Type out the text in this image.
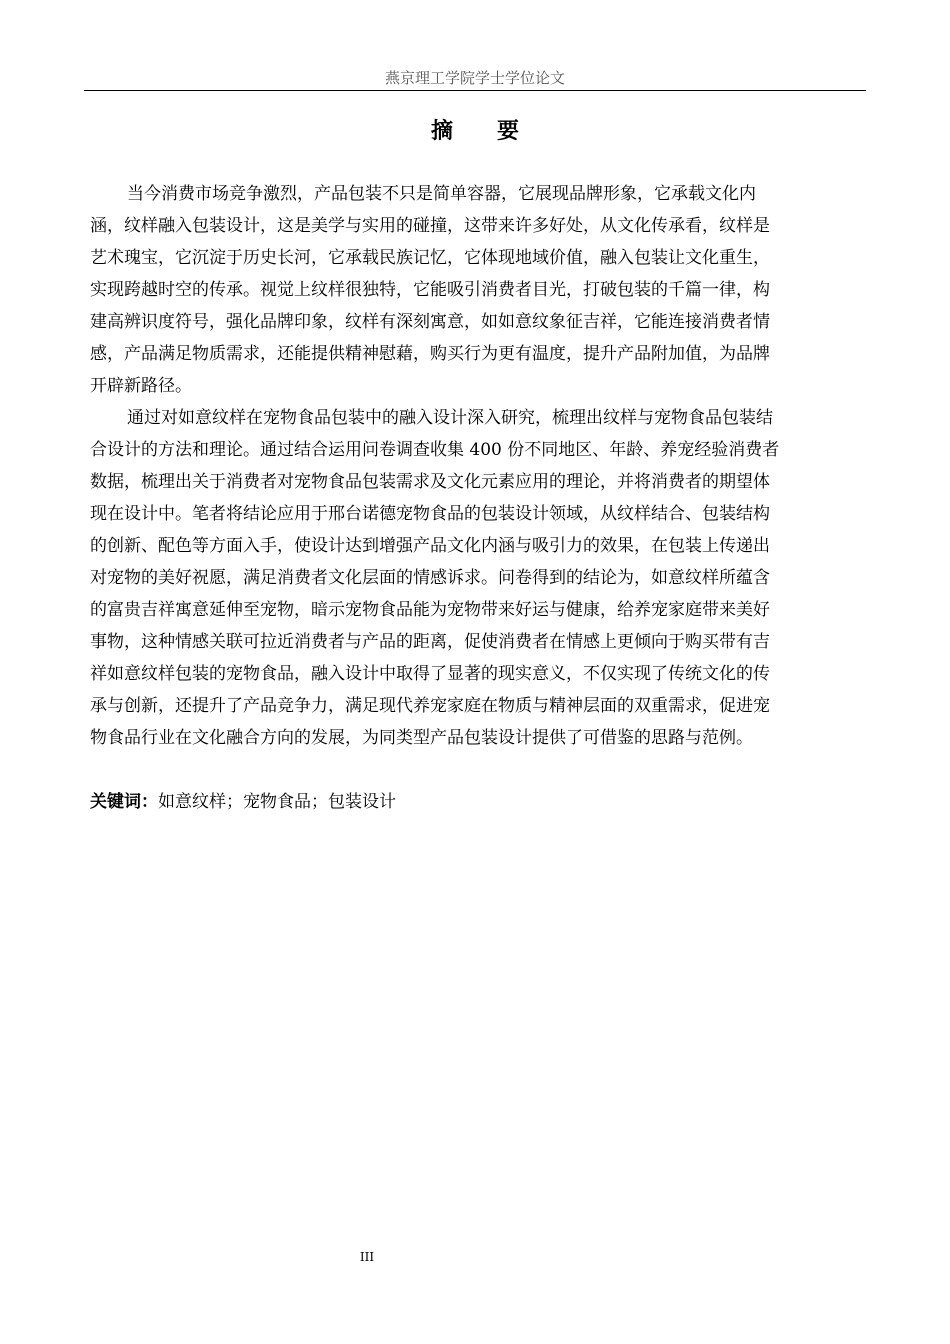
燕京理工学院学士学位论文
摘要

当今消费市场竞争激烈，产品包装不只是简单容器，它展现品牌形象，它承载文化内

涵，纹样融入包装设计，这是美学与实用的碰撞，这带来许多好处，从文化传承看，纹样是

艺术瑰宝，它沉淀于历史长河，它承载民族记忆，它体现地域价值，融入包装让文化重生，

实现跨越时空的传承。视觉上纹样很独特，它能吸引消费者目光，打破包装的千篇一律，构

建高辨识度符号，强化品牌印象，纹样有深刻寓意，如如意纹象征吉祥，它能连接消费者情

感，产品满足物质需求，还能提供精神慰藉，购买行为更有温度，提升产品附加值，为品牌

开辟新路径。

通过对如意纹样在宠物食品包装中的融入设计深入研究，梳理出纹样与宠物食品包装结

合设计的方法和理论。通过结合运用问卷调查收集 400 份不同地区、年龄、养宠经验消费者

数据，梳理出关于消费者对宠物食品包装需求及文化元素应用的理论，并将消费者的期望体

现在设计中。笔者将结论应用于邢台诺德宠物食品的包装设计领域，从纹样结合、包装结构

的创新、配色等方面入手，使设计达到增强产品文化内涵与吸引力的效果，在包装上传递出

对宠物的美好祝愿，满足消费者文化层面的情感诉求。问卷得到的结论为，如意纹样所蕴含

的富贵吉祥寓意延伸至宠物，暗示宠物食品能为宠物带来好运与健康，给养宠家庭带来美好

事物，这种情感关联可拉近消费者与产品的距离，促使消费者在情感上更倾向于购买带有吉

祥如意纹样包装的宠物食品，融入设计中取得了显著的现实意义，不仅实现了传统文化的传

承与创新，还提升了产品竞争力，满足现代养宠家庭在物质与精神层面的双重需求，促进宠

物食品行业在文化融合方向的发展，为同类型产品包装设计提供了可借鉴的思路与范例。

关键词：如意纹样；宠物食品；包装设计
III
